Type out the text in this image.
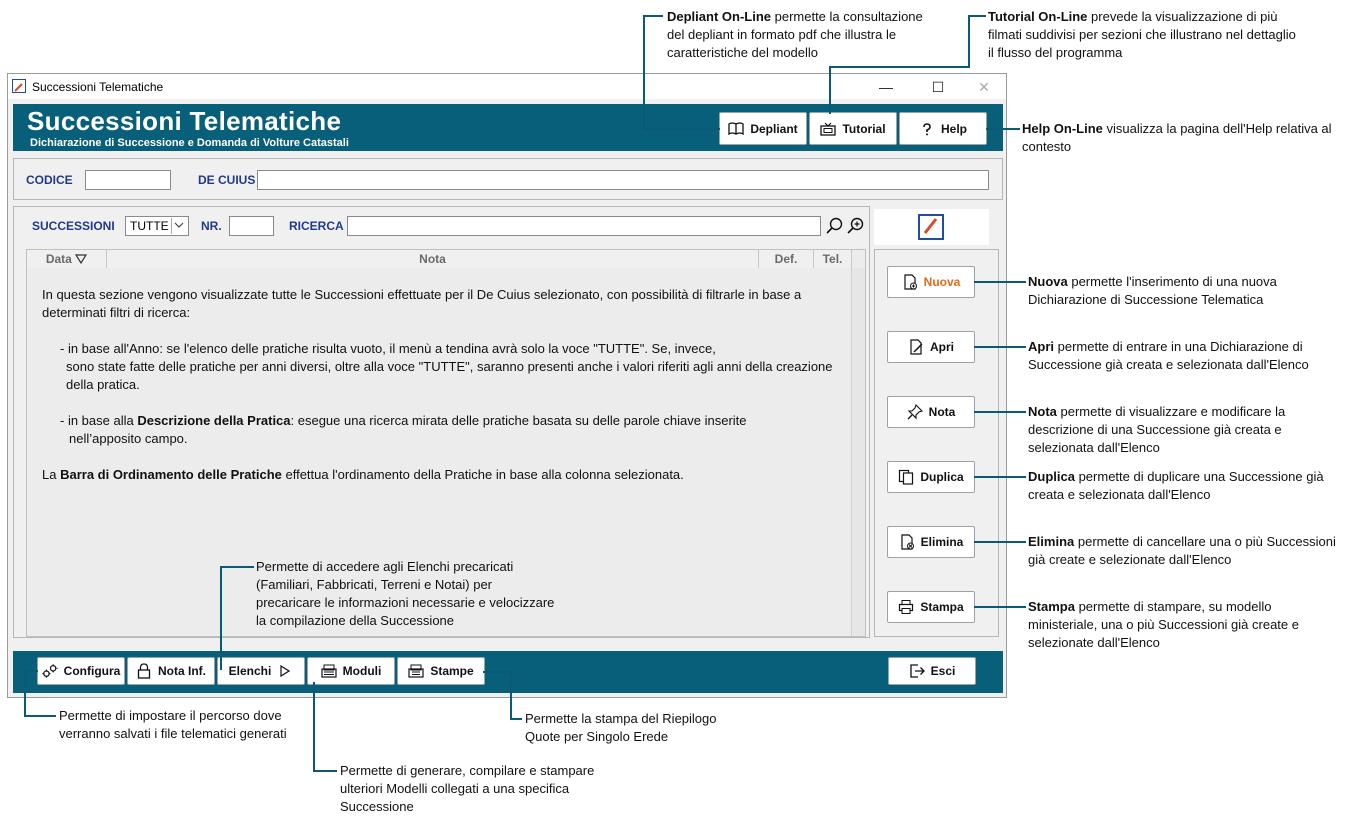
Successioni Telematiche	—	☐ ✕
Successioni Telematiche
Dichiarazione di Successione e Domanda di Volture Catastali
Depliant	Tutorial	Help
CODICE	DE CUIUS
SUCCESSIONI	TUTTE	NR.	RICERCA
Data	Nota	Def.	Tel.

In questa sezione vengono visualizzate tutte le Successioni effettuate per il De Cuius selezionato, con possibilità di filtrarle in base a determinati filtri di ricerca:

- in base all'Anno: se l'elenco delle pratiche risulta vuoto, il menù a tendina avrà solo la voce "TUTTE". Se, invece,

sono state fatte delle pratiche per anni diversi, oltre alla voce "TUTTE", saranno presenti anche i valori riferiti agli anni della creazione della pratica.

- in base alla Descrizione della Pratica: esegue una ricerca mirata delle pratiche basata su delle parole chiave inserite
nell’apposito campo.

La Barra di Ordinamento delle Pratiche effettua l'ordinamento della Pratiche in base alla colonna selezionata.

Nuova
Apri
Nota
Duplica
Elimina
Stampa
Configura	Nota Inf. Elenchi	Moduli	Stampe	Esci
Depliant On-Line permette la consultazione del depliant in formato pdf che illustra le caratteristiche del modello
Tutorial On-Line prevede la visualizzazione di più filmati suddivisi per sezioni che illustrano nel dettaglio il flusso del programma
Help On-Line visualizza la pagina dell'Help relativa al contesto
Nuova permette l'inserimento di una nuova Dichiarazione di Successione Telematica
Apri permette di entrare in una Dichiarazione di Successione già creata e selezionata dall'Elenco
Nota permette di visualizzare e modificare la descrizione di una Successione già creata e selezionata dall'Elenco
Duplica permette di duplicare una Successione già creata e selezionata dall'Elenco
Elimina permette di cancellare una o più Successioni già create e selezionate dall'Elenco
Stampa permette di stampare, su modello ministeriale, una o più Successioni già create e selezionate dall'Elenco
Permette di accedere agli Elenchi precaricati (Familiari, Fabbricati, Terreni e Notai) per precaricare le informazioni necessarie e velocizzare la compilazione della Successione
Permette di impostare il percorso dove verranno salvati i file telematici generati
Permette la stampa del Riepilogo Quote per Singolo Erede
Permette di generare, compilare e stampare ulteriori Modelli collegati a una specifica Successione
